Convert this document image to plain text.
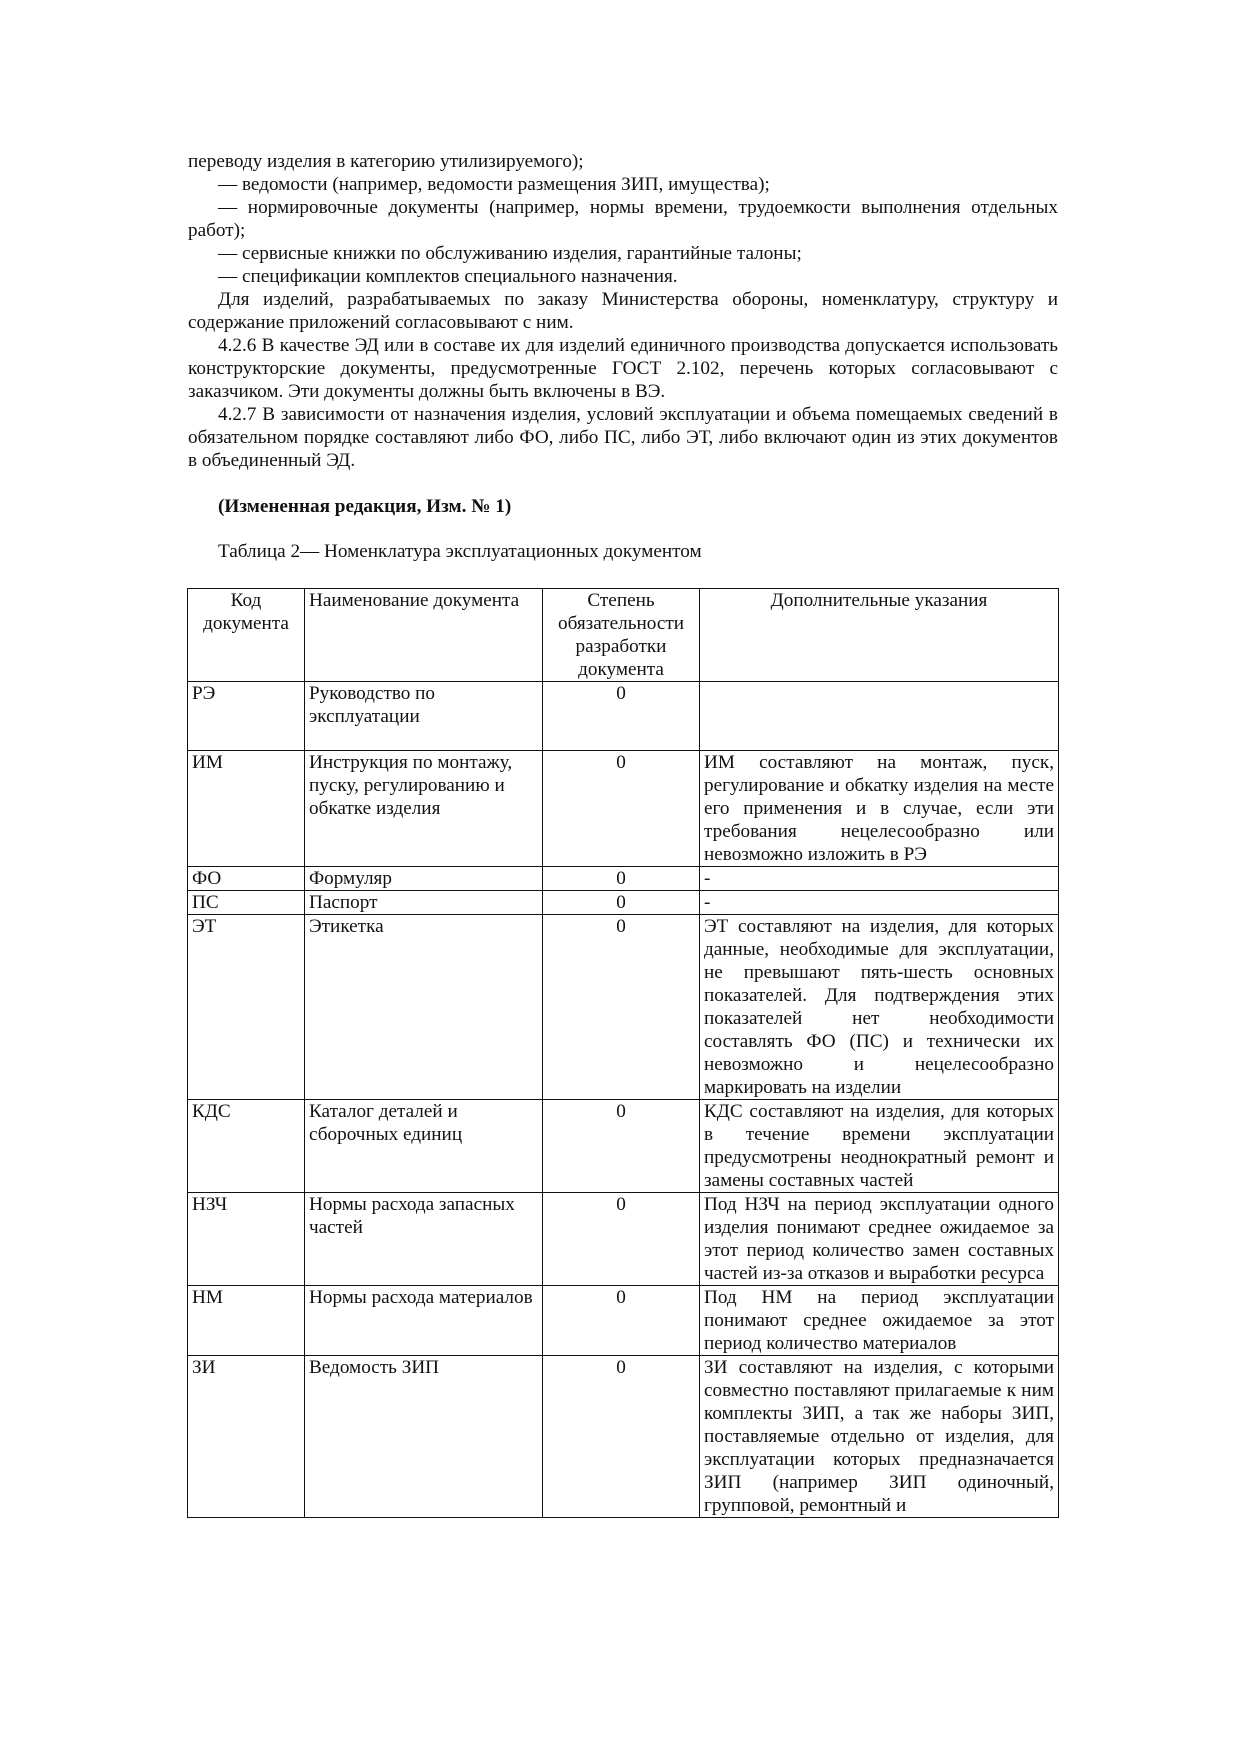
переводу изделия в категорию утилизируемого);

— ведомости (например, ведомости размещения ЗИП, имущества);

— нормировочные документы (например, нормы времени, трудоемкости выполнения отдельных работ);

— сервисные книжки по обслуживанию изделия, гарантийные талоны;

— спецификации комплектов специального назначения.

Для изделий, разрабатываемых по заказу Министерства обороны, номенклатуру, структуру и содержание приложений согласовывают с ним.

4.2.6 В качестве ЭД или в составе их для изделий единичного производства допускается использовать конструкторские документы, предусмотренные ГОСТ 2.102, перечень которых согласовывают с заказчиком. Эти документы должны быть включены в ВЭ.

4.2.7 В зависимости от назначения изделия, условий эксплуатации и объема помещаемых сведений в обязательном порядке составляют либо ФО, либо ПС, либо ЭТ, либо включают один из этих документов в объединенный ЭД.

(Измененная редакция, Изм. № 1)

Таблица 2— Номенклатура эксплуатационных документом

Код документа	Наименование документа	Степень обязательности разработки документа	Дополнительные указания
РЭ	Руководство по эксплуатации	0	
ИМ	Инструкция по монтажу, пуску, регулированию и обкатке изделия	0	ИМ составляют на монтаж, пуск, регулирование и обкатку изделия на месте его применения и в случае, если эти требования нецелесообразно или невозможно изложить в РЭ
ФО	Формуляр	0	-
ПС	Паспорт	0	-
ЭТ	Этикетка	0	ЭТ составляют на изделия, для которых данные, необходимые для эксплуатации, не превышают пять-шесть основных показателей. Для подтверждения этих показателей нет необходимости составлять ФО (ПС) и технически их невозможно и нецелесообразно маркировать на изделии
КДС	Каталог деталей и сборочных единиц	0	КДС составляют на изделия, для которых в течение времени эксплуатации предусмотрены неоднократный ремонт и замены составных частей
НЗЧ	Нормы расхода запасных частей	0	Под НЗЧ на период эксплуатации одного изделия понимают среднее ожидаемое за этот период количество замен составных частей из-за отказов и выработки ресурса
НМ	Нормы расхода материалов	0	Под НМ на период эксплуатации понимают среднее ожидаемое за этот период количество материалов
ЗИ	Ведомость ЗИП	0	ЗИ составляют на изделия, с которыми совместно поставляют прилагаемые к ним комплекты ЗИП, а так же наборы ЗИП, поставляемые отдельно от изделия, для эксплуатации которых предназначается ЗИП (например ЗИП одиночный, групповой, ремонтный и
